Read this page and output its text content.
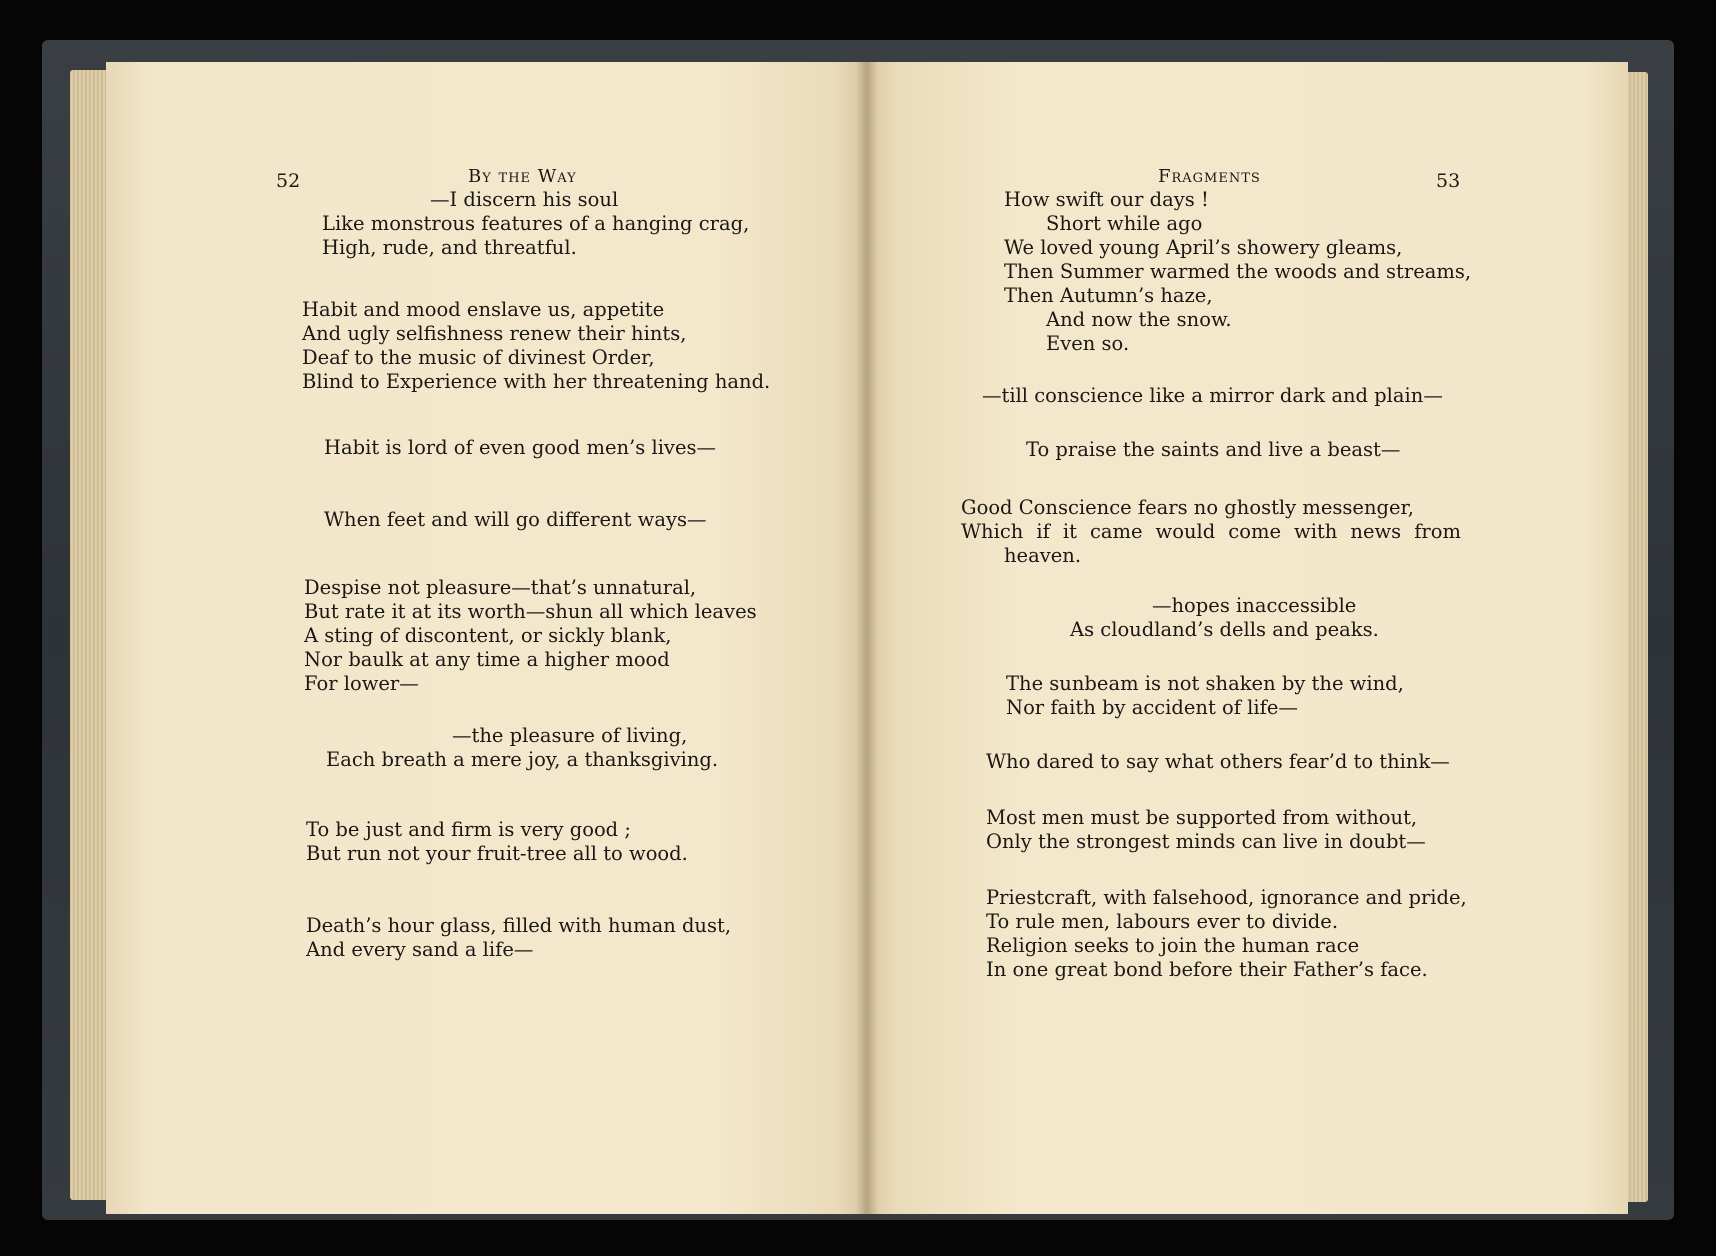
52	By the Way
—I discern his soul
Like monstrous features of a hanging crag,
High, rude, and threatful.
Habit and mood enslave us, appetite
And ugly selfishness renew their hints,
Deaf to the music of divinest Order,
Blind to Experience with her threatening hand.
Habit is lord of even good men’s lives—
When feet and will go different ways—
Despise not pleasure—that’s unnatural,
But rate it at its worth—shun all which leaves
A sting of discontent, or sickly blank,
Nor baulk at any time a higher mood
For lower—
—the pleasure of living,
Each breath a mere joy, a thanksgiving.
To be just and firm is very good ;
But run not your fruit-tree all to wood.
Death’s hour glass, filled with human dust,
And every sand a life—
Fragments	53
How swift our days !
Short while ago
We loved young April’s showery gleams,
Then Summer warmed the woods and streams,
Then Autumn’s haze,
And now the snow.
Even so.
—till conscience like a mirror dark and plain—
To praise the saints and live a beast—
Good Conscience fears no ghostly messenger,
Which if it came would come with news from
heaven.
—hopes inaccessible
As cloudland’s dells and peaks.
The sunbeam is not shaken by the wind,
Nor faith by accident of life—
Who dared to say what others fear’d to think—
Most men must be supported from without,
Only the strongest minds can live in doubt—
Priestcraft, with falsehood, ignorance and pride,
To rule men, labours ever to divide.
Religion seeks to join the human race
In one great bond before their Father’s face.
